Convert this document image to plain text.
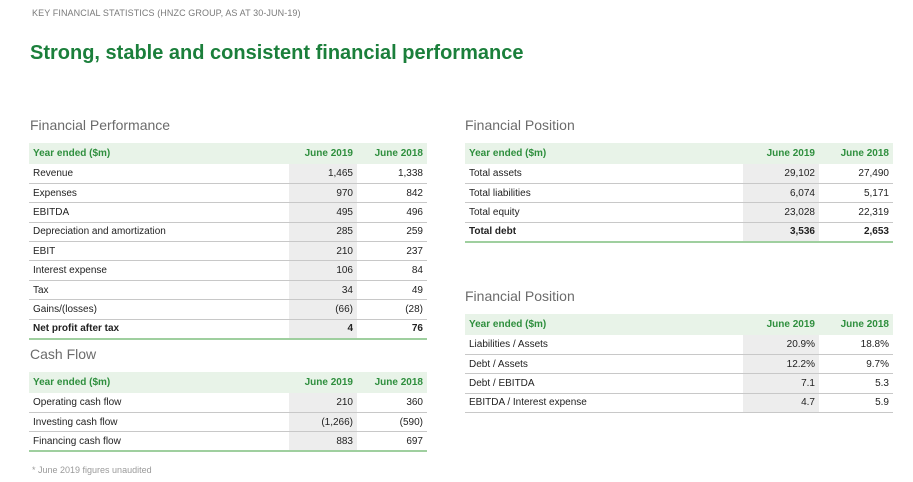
KEY FINANCIAL STATISTICS (HNZC GROUP, AS AT 30-JUN-19)
Strong, stable and consistent financial performance
Financial Performance
Year ended ($m)	June 2019	June 2018
Revenue	1,465	1,338
Expenses	970	842
EBITDA	495	496
Depreciation and amortization	285	259
EBIT	210	237
Interest expense	106	84
Tax	34	49
Gains/(losses)	(66)	(28)
Net profit after tax	4	76
Cash Flow
Year ended ($m)	June 2019	June 2018
Operating cash flow	210	360
Investing cash flow	(1,266)	(590)
Financing cash flow	883	697
Financial Position
Year ended ($m)	June 2019	June 2018
Total assets	29,102	27,490
Total liabilities	6,074	5,171
Total equity	23,028	22,319
Total debt	3,536	2,653
Financial Position
Year ended ($m)	June 2019	June 2018
Liabilities / Assets	20.9%	18.8%
Debt / Assets	12.2%	9.7%
Debt / EBITDA	7.1	5.3
EBITDA / Interest expense	4.7	5.9
* June 2019 figures unaudited
